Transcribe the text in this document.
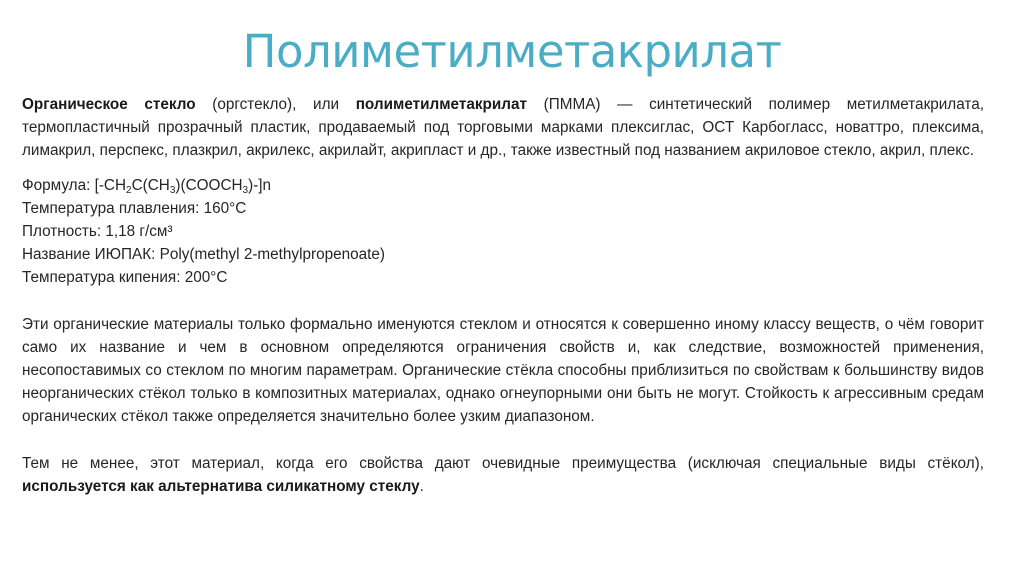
Полиметилметакрилат

Органическое стекло (оргстекло), или полиметилметакрилат (ПММА) — синтетический полимер метилметакрилата, термопластичный прозрачный пластик, продаваемый под торговыми марками плексиглас, ОСТ Карбогласс, новаттро, плексима, лимакрил, перспекс, плазкрил, акрилекс, акрилайт, акрипласт и др., также известный под названием акриловое стекло, акрил, плекс.

Формула: $[-CH_2C(CH_3)(COOCH_3)-]n$

Температура плавления: 160°C

Плотность: 1,18 г/см³

Название ИЮПАК: Poly(methyl 2-methylpropenoate)

Температура кипения: 200°C

Эти органические материалы только формально именуются стеклом и относятся к совершенно иному классу веществ, о чём говорит само их название и чем в основном определяются ограничения свойств и, как следствие, возможностей применения, несопоставимых со стеклом по многим параметрам. Органические стёкла способны приблизиться по свойствам к большинству видов неорганических стёкол только в композитных материалах, однако огнеупорными они быть не могут. Стойкость к агрессивным средам органических стёкол также определяется значительно более узким диапазоном.

Тем не менее, этот материал, когда его свойства дают очевидные преимущества (исключая специальные виды стёкол), используется как альтернатива силикатному стеклу.
